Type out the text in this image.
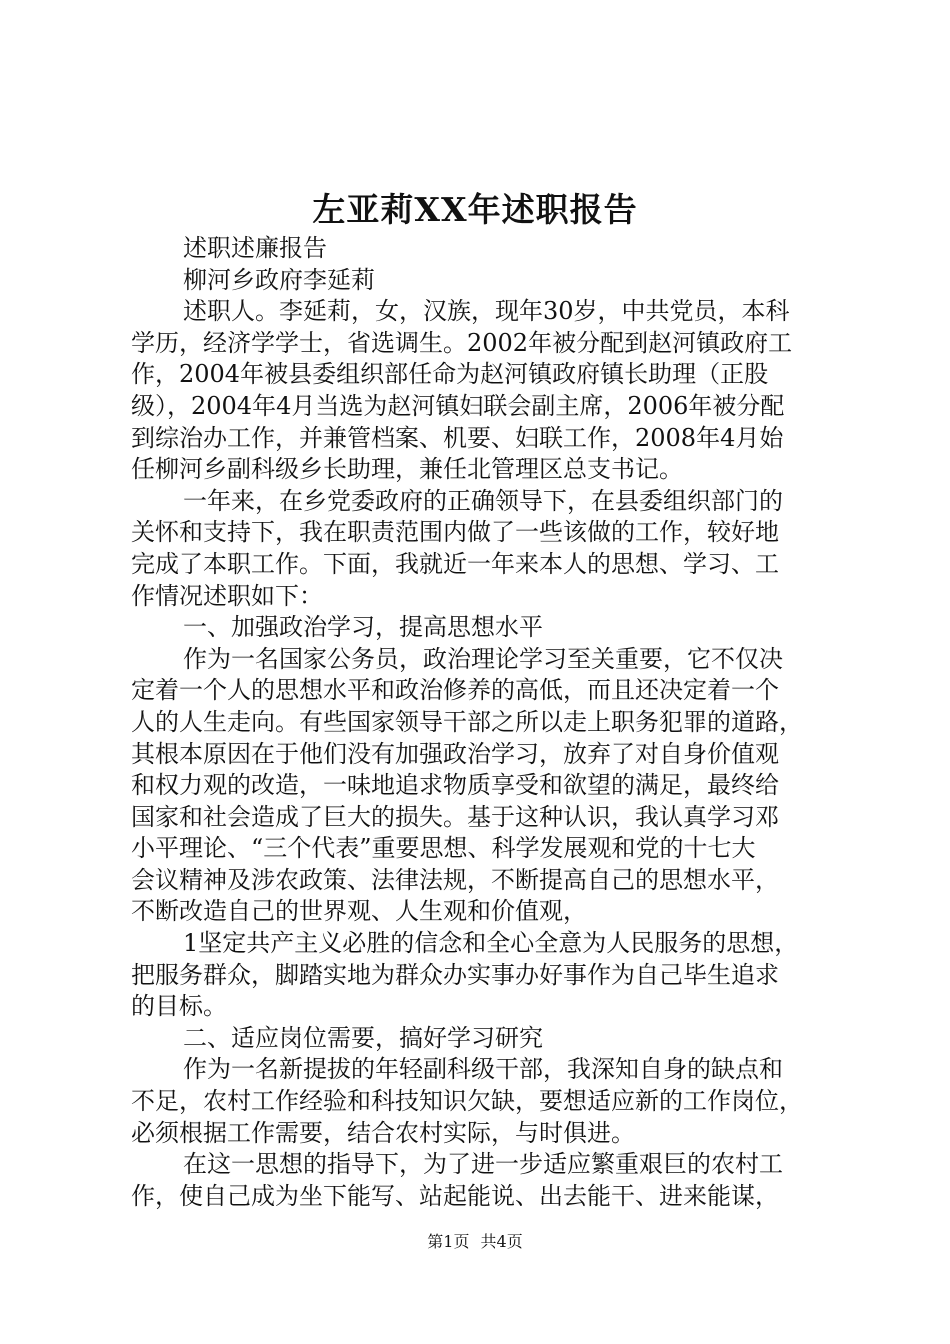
左亚莉XX年述职报告
述职述廉报告
柳河乡政府李延莉
述职人。李延莉，女，汉族，现年30岁，中共党员，本科
学历，经济学学士，省选调生。2002年被分配到赵河镇政府工
作，2004年被县委组织部任命为赵河镇政府镇长助理（正股
级），2004年4月当选为赵河镇妇联会副主席，2006年被分配
到综治办工作，并兼管档案、机要、妇联工作，2008年4月始
任柳河乡副科级乡长助理，兼任北管理区总支书记。
一年来，在乡党委政府的正确领导下，在县委组织部门的
关怀和支持下，我在职责范围内做了一些该做的工作，较好地
完成了本职工作。下面，我就近一年来本人的思想、学习、工
作情况述职如下：
一、加强政治学习，提高思想水平
作为一名国家公务员，政治理论学习至关重要，它不仅决
定着一个人的思想水平和政治修养的高低，而且还决定着一个
人的人生走向。有些国家领导干部之所以走上职务犯罪的道路，
其根本原因在于他们没有加强政治学习，放弃了对自身价值观
和权力观的改造，一味地追求物质享受和欲望的满足，最终给
国家和社会造成了巨大的损失。基于这种认识，我认真学习邓
小平理论、“三个代表”重要思想、科学发展观和党的十七大
会议精神及涉农政策、法律法规，不断提高自己的思想水平，
不断改造自己的世界观、人生观和价值观，
1坚定共产主义必胜的信念和全心全意为人民服务的思想，
把服务群众，脚踏实地为群众办实事办好事作为自己毕生追求
的目标。
二、适应岗位需要，搞好学习研究
作为一名新提拔的年轻副科级干部，我深知自身的缺点和
不足，农村工作经验和科技知识欠缺，要想适应新的工作岗位，
必须根据工作需要，结合农村实际，与时俱进。
在这一思想的指导下，为了进一步适应繁重艰巨的农村工
作，使自己成为坐下能写、站起能说、出去能干、进来能谋，
第1页 共4页
